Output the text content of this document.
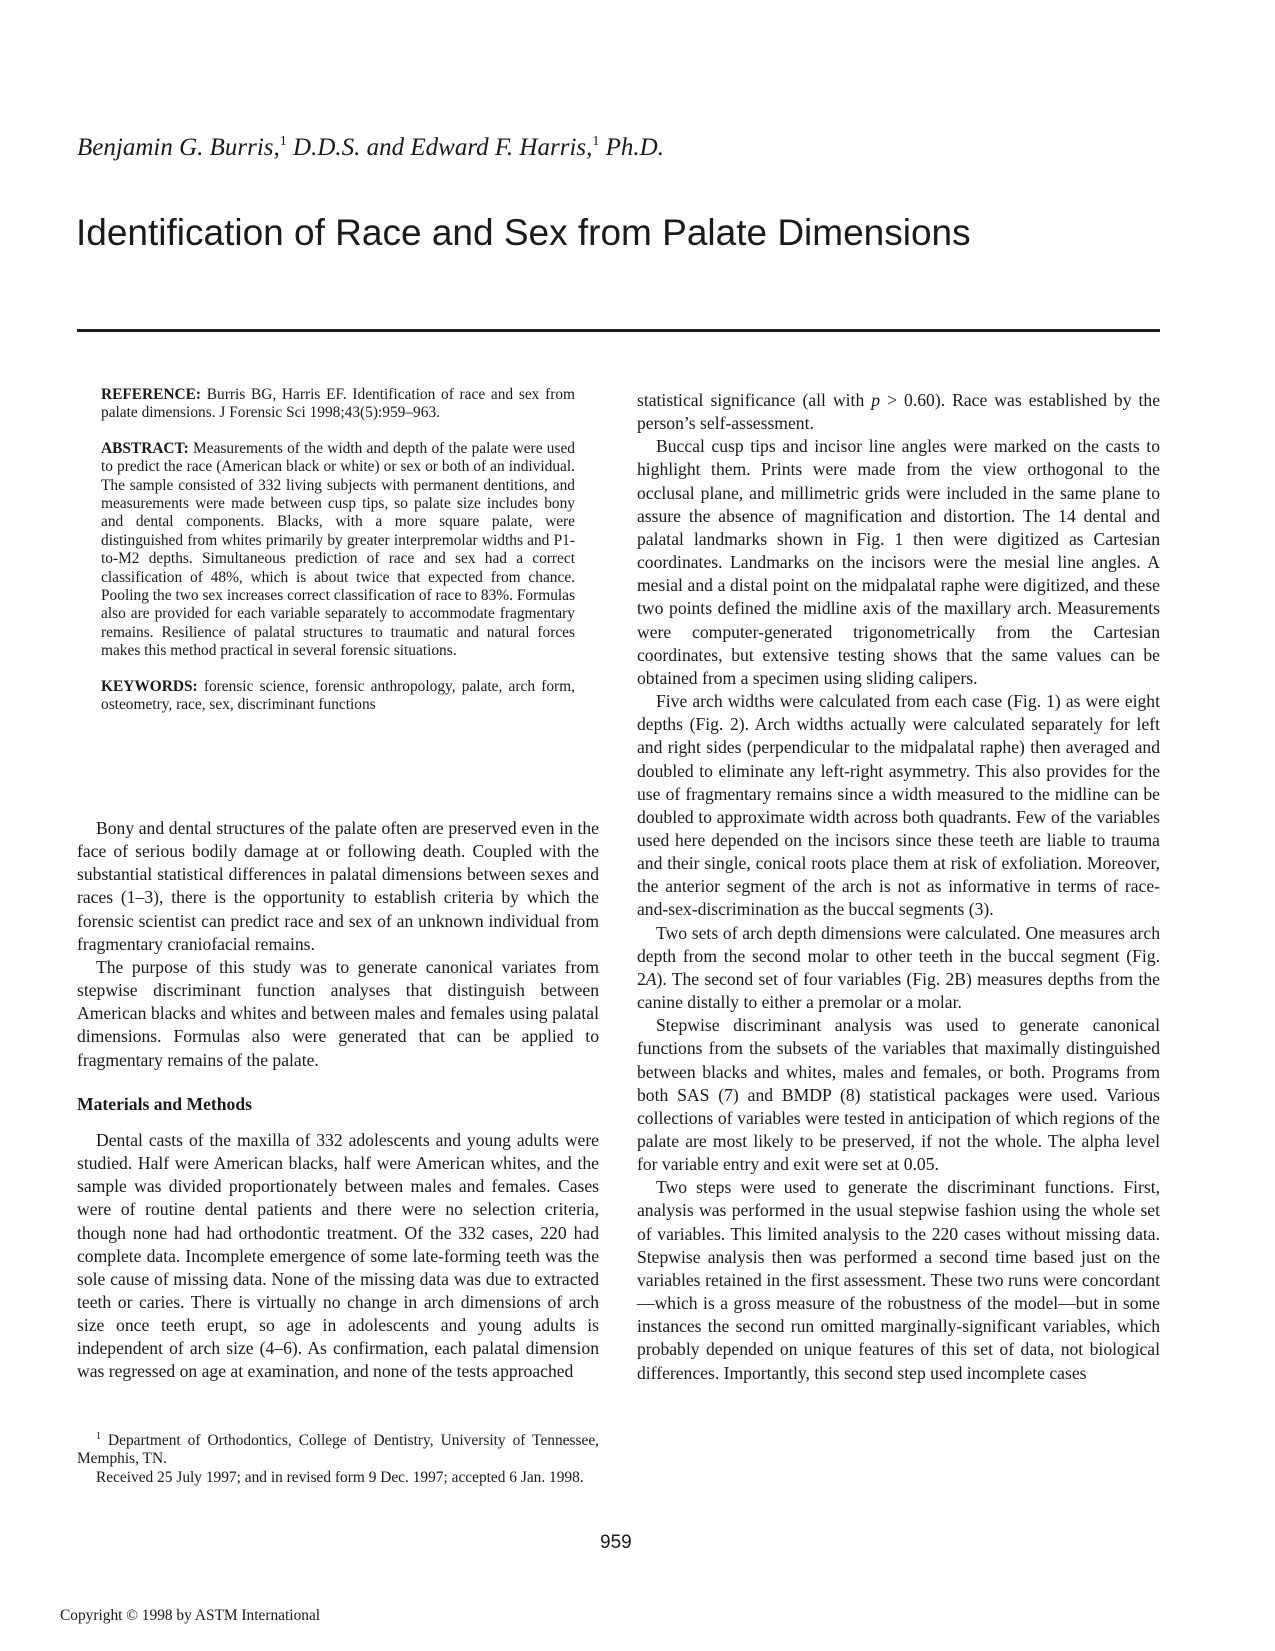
Benjamin G. Burris,$^1$ D.D.S. and Edward F. Harris,$^1$ Ph.D.
Identification of Race and Sex from Palate Dimensions

REFERENCE: Burris BG, Harris EF. Identification of race and sex from palate dimensions. J Forensic Sci 1998;43(5):959–963.

ABSTRACT: Measurements of the width and depth of the palate were used to predict the race (American black or white) or sex or both of an individual. The sample consisted of 332 living subjects with permanent dentitions, and measurements were made between cusp tips, so palate size includes bony and dental components. Blacks, with a more square palate, were distinguished from whites primarily by greater interpremolar widths and P1-to-M2 depths. Simultaneous prediction of race and sex had a correct classification of 48%, which is about twice that expected from chance. Pooling the two sex increases correct classification of race to 83%. Formulas also are provided for each variable separately to accommodate fragmentary remains. Resilience of palatal structures to traumatic and natural forces makes this method practical in several forensic situations.

KEYWORDS: forensic science, forensic anthropology, palate, arch form, osteometry, race, sex, discriminant functions

Bony and dental structures of the palate often are preserved even in the face of serious bodily damage at or following death. Coupled with the substantial statistical differences in palatal dimensions between sexes and races (1–3), there is the opportunity to establish criteria by which the forensic scientist can predict race and sex of an unknown individual from fragmentary craniofacial remains.

The purpose of this study was to generate canonical variates from stepwise discriminant function analyses that distinguish between American blacks and whites and between males and females using palatal dimensions. Formulas also were generated that can be applied to fragmentary remains of the palate.

Materials and Methods

Dental casts of the maxilla of 332 adolescents and young adults were studied. Half were American blacks, half were American whites, and the sample was divided proportionately between males and females. Cases were of routine dental patients and there were no selection criteria, though none had had orthodontic treatment. Of the 332 cases, 220 had complete data. Incomplete emergence of some late-forming teeth was the sole cause of missing data. None of the missing data was due to extracted teeth or caries. There is virtually no change in arch dimensions of arch size once teeth erupt, so age in adolescents and young adults is independent of arch size (4–6). As confirmation, each palatal dimension was regressed on age at examination, and none of the tests approached

$^1$ Department of Orthodontics, College of Dentistry, University of Tennessee, Memphis, TN.

Received 25 July 1997; and in revised form 9 Dec. 1997; accepted 6 Jan. 1998.

statistical significance (all with p > 0.60). Race was established by the person’s self-assessment.

Buccal cusp tips and incisor line angles were marked on the casts to highlight them. Prints were made from the view orthogonal to the occlusal plane, and millimetric grids were included in the same plane to assure the absence of magnification and distortion. The 14 dental and palatal landmarks shown in Fig. 1 then were digitized as Cartesian coordinates. Landmarks on the incisors were the mesial line angles. A mesial and a distal point on the midpalatal raphe were digitized, and these two points defined the midline axis of the maxillary arch. Measurements were computer-generated trigonometrically from the Cartesian coordinates, but extensive testing shows that the same values can be obtained from a specimen using sliding calipers.

Five arch widths were calculated from each case (Fig. 1) as were eight depths (Fig. 2). Arch widths actually were calculated separately for left and right sides (perpendicular to the midpalatal raphe) then averaged and doubled to eliminate any left-right asymmetry. This also provides for the use of fragmentary remains since a width measured to the midline can be doubled to approximate width across both quadrants. Few of the variables used here depended on the incisors since these teeth are liable to trauma and their single, conical roots place them at risk of exfoliation. Moreover, the anterior segment of the arch is not as informative in terms of race-and-sex-discrimination as the buccal segments (3).

Two sets of arch depth dimensions were calculated. One measures arch depth from the second molar to other teeth in the buccal segment (Fig. 2A). The second set of four variables (Fig. 2B) measures depths from the canine distally to either a premolar or a molar.

Stepwise discriminant analysis was used to generate canonical functions from the subsets of the variables that maximally distinguished between blacks and whites, males and females, or both. Programs from both SAS (7) and BMDP (8) statistical packages were used. Various collections of variables were tested in anticipation of which regions of the palate are most likely to be preserved, if not the whole. The alpha level for variable entry and exit were set at 0.05.

Two steps were used to generate the discriminant functions. First, analysis was performed in the usual stepwise fashion using the whole set of variables. This limited analysis to the 220 cases without missing data. Stepwise analysis then was performed a second time based just on the variables retained in the first assessment. These two runs were concordant—which is a gross measure of the robustness of the model—but in some instances the second run omitted marginally-significant variables, which probably depended on unique features of this set of data, not biological differences. Importantly, this second step used incomplete cases

959
Copyright © 1998 by ASTM International
